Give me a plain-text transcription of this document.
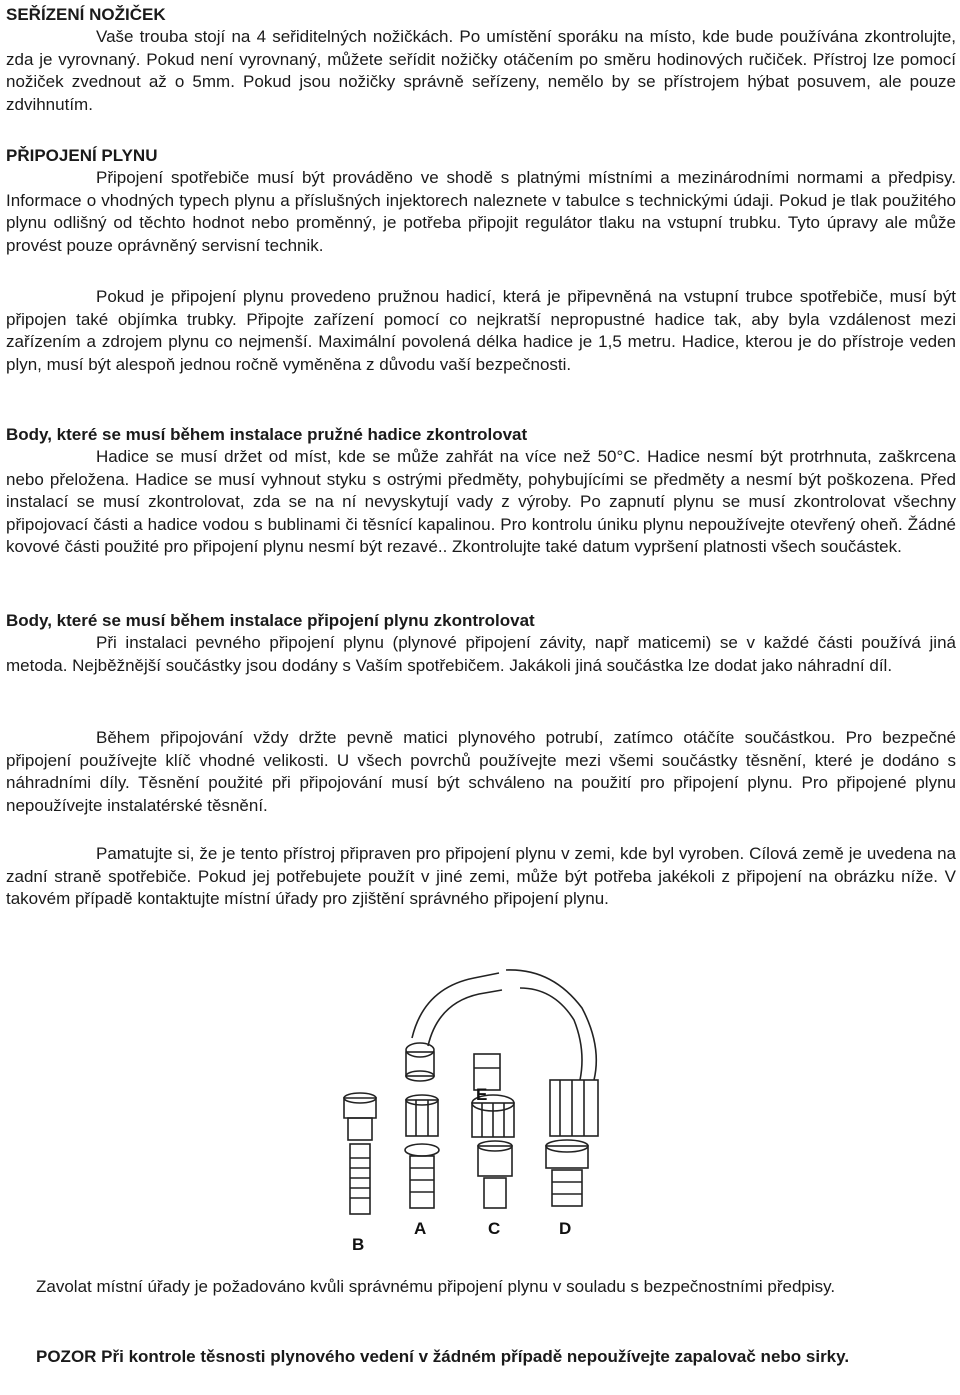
SEŘÍZENÍ NOŽIČEK

Vaše trouba stojí na 4 seřiditelných nožičkách. Po umístění sporáku na místo, kde bude používána zkontrolujte, zda je vyrovnaný. Pokud není vyrovnaný, můžete seřídit nožičky otáčením po směru hodinových ručiček. Přístroj lze pomocí nožiček zvednout až o 5mm. Pokud jsou nožičky správně seřízeny, nemělo by se přístrojem hýbat posuvem, ale pouze zdvihnutím.

PŘIPOJENÍ PLYNU

Připojení spotřebiče musí být prováděno ve shodě s platnými místními a mezinárodními normami a předpisy. Informace o vhodných typech plynu a příslušných injektorech naleznete v tabulce s technickými údaji. Pokud je tlak použitého plynu odlišný od těchto hodnot nebo proměnný, je potřeba připojit regulátor tlaku na vstupní trubku. Tyto úpravy ale může provést pouze oprávněný servisní technik.

Pokud je připojení plynu provedeno pružnou hadicí, která je připevněná na vstupní trubce spotřebiče, musí být připojen také objímka trubky. Připojte zařízení pomocí co nejkratší nepropustné hadice tak, aby byla vzdálenost mezi zařízením a zdrojem plynu co nejmenší. Maximální povolená délka hadice je 1,5 metru. Hadice, kterou je do přístroje veden plyn, musí být alespoň jednou ročně vyměněna z důvodu vaší bezpečnosti.

Body, které se musí během instalace pružné hadice zkontrolovat

Hadice se musí držet od míst, kde se může zahřát na více než 50°C. Hadice nesmí být protrhnuta, zaškrcena nebo přeložena. Hadice se musí vyhnout styku s ostrými předměty, pohybujícími se předměty a nesmí být poškozena. Před instalací se musí zkontrolovat, zda se na ní nevyskytují vady z výroby. Po zapnutí plynu se musí zkontrolovat všechny připojovací části a hadice vodou s bublinami či těsnící kapalinou. Pro kontrolu úniku plynu nepoužívejte otevřený oheň. Žádné kovové části použité pro připojení plynu nesmí být rezavé.. Zkontrolujte také datum vypršení platnosti všech součástek.

Body, které se musí během instalace připojení plynu zkontrolovat

Při instalaci pevného připojení plynu (plynové připojení závity, např maticemi) se v každé části používá jiná metoda. Nejběžnější součástky jsou dodány s Vaším spotřebičem. Jakákoli jiná součástka lze dodat jako náhradní díl.

Během připojování vždy držte pevně matici plynového potrubí, zatímco otáčíte součástkou. Pro bezpečné připojení používejte klíč vhodné velikosti. U všech povrchů používejte mezi všemi součástky těsnění, které je dodáno s náhradními díly. Těsnění použité při připojování musí být schváleno na použití pro připojení plynu. Pro připojené plynu nepoužívejte instalatérské těsnění.

Pamatujte si, že je tento přístroj připraven pro připojení plynu v zemi, kde byl vyroben. Cílová země je uvedena na zadní straně spotřebiče. Pokud jej potřebujete použít v jiné zemi, může být potřeba jakékoli z připojení na obrázku níže. V takovém případě kontaktujte místní úřady pro zjištění správného připojení plynu.

E
B
A	C	D

Zavolat místní úřady je požadováno kvůli správnému připojení plynu v souladu s bezpečnostními předpisy.

POZOR Při kontrole těsnosti plynového vedení v žádném případě nepoužívejte zapalovač nebo sirky.
